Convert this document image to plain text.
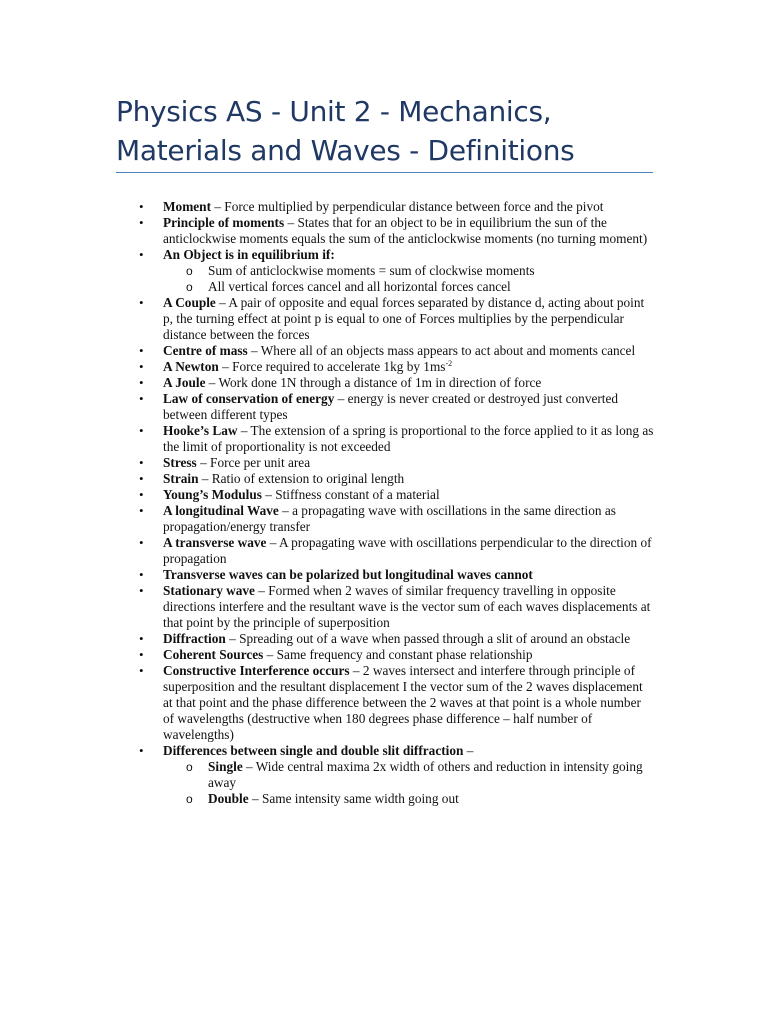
Physics AS - Unit 2 - Mechanics, Materials and Waves - Definitions
• Moment – Force multiplied by perpendicular distance between force and the pivot
• Principle of moments – States that for an object to be in equilibrium the sun of the anticlockwise moments equals the sum of the anticlockwise moments (no turning moment)
• An Object is in equilibrium if:
o Sum of anticlockwise moments = sum of clockwise moments
o All vertical forces cancel and all horizontal forces cancel
• A Couple – A pair of opposite and equal forces separated by distance d, acting about point p, the turning effect at point p is equal to one of Forces multiplies by the perpendicular distance between the forces
• Centre of mass – Where all of an objects mass appears to act about and moments cancel
• A Newton – Force required to accelerate 1kg by $1ms^{-2}$
• A Joule – Work done 1N through a distance of 1m in direction of force
• Law of conservation of energy – energy is never created or destroyed just converted between different types
• Hooke’s Law – The extension of a spring is proportional to the force applied to it as long as the limit of proportionality is not exceeded
• Stress – Force per unit area
• Strain – Ratio of extension to original length
• Young’s Modulus – Stiffness constant of a material
• A longitudinal Wave – a propagating wave with oscillations in the same direction as propagation/energy transfer
• A transverse wave – A propagating wave with oscillations perpendicular to the direction of propagation
• Transverse waves can be polarized but longitudinal waves cannot
• Stationary wave – Formed when 2 waves of similar frequency travelling in opposite directions interfere and the resultant wave is the vector sum of each waves displacements at that point by the principle of superposition
• Diffraction – Spreading out of a wave when passed through a slit of around an obstacle
• Coherent Sources – Same frequency and constant phase relationship
• Constructive Interference occurs – 2 waves intersect and interfere through principle of superposition and the resultant displacement I the vector sum of the 2 waves displacement at that point and the phase difference between the 2 waves at that point is a whole number of wavelengths (destructive when 180 degrees phase difference – half number of wavelengths)
• Differences between single and double slit diffraction –
o Single – Wide central maxima 2x width of others and reduction in intensity going away
o Double – Same intensity same width going out
